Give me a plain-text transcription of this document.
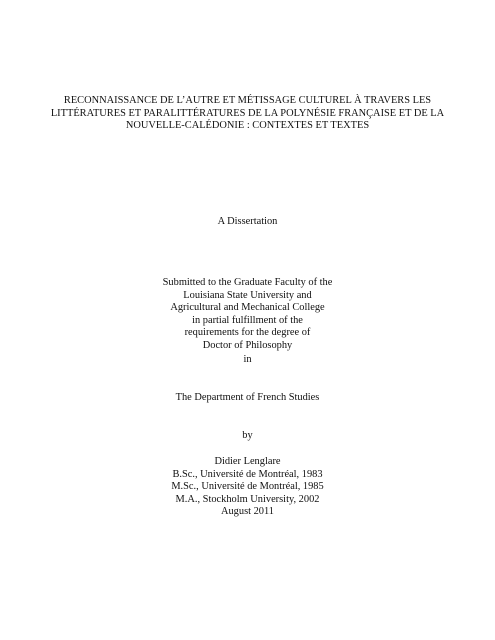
RECONNAISSANCE DE L’AUTRE ET MÉTISSAGE CULTUREL À TRAVERS LES
LITTÉRATURES ET PARALITTÉRATURES DE LA POLYNÉSIE FRANÇAISE ET DE LA
NOUVELLE-CALÉDONIE : CONTEXTES ET TEXTES
A Dissertation
Submitted to the Graduate Faculty of the
Louisiana State University and
Agricultural and Mechanical College
in partial fulfillment of the
requirements for the degree of
Doctor of Philosophy
in
The Department of French Studies
by
Didier Lenglare
B.Sc., Université de Montréal, 1983
M.Sc., Université de Montréal, 1985
M.A., Stockholm University, 2002
August 2011
